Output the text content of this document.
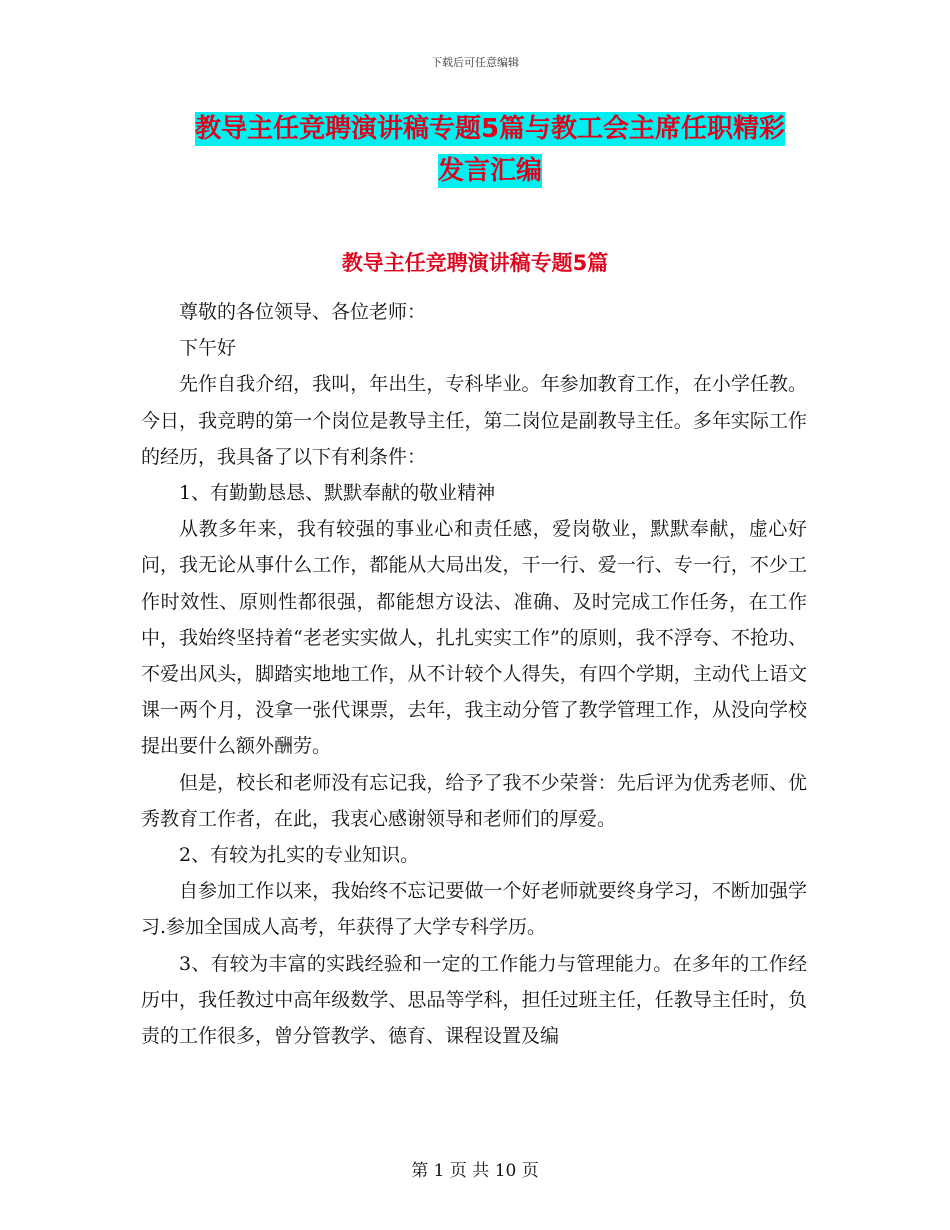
下载后可任意编辑
教导主任竞聘演讲稿专题5篇与教工会主席任职精彩
发言汇编
教导主任竞聘演讲稿专题5篇

尊敬的各位领导、各位老师：

下午好

先作自我介绍，我叫，年出生，专科毕业。年参加教育工作，在小学任教。今日，我竞聘的第一个岗位是教导主任，第二岗位是副教导主任。多年实际工作的经历，我具备了以下有利条件：

1、有勤勤恳恳、默默奉献的敬业精神

从教多年来，我有较强的事业心和责任感，爱岗敬业，默默奉献，虚心好问，我无论从事什么工作，都能从大局出发，干一行、爱一行、专一行，不少工作时效性、原则性都很强，都能想方设法、准确、及时完成工作任务，在工作中，我始终坚持着“老老实实做人，扎扎实实工作”的原则，我不浮夸、不抢功、不爱出风头，脚踏实地地工作，从不计较个人得失，有四个学期，主动代上语文课一两个月，没拿一张代课票，去年，我主动分管了教学管理工作，从没向学校提出要什么额外酬劳。

但是，校长和老师没有忘记我，给予了我不少荣誉：先后评为优秀老师、优秀教育工作者，在此，我衷心感谢领导和老师们的厚爱。

2、有较为扎实的专业知识。

自参加工作以来，我始终不忘记要做一个好老师就要终身学习，不断加强学习.参加全国成人高考，年获得了大学专科学历。

3、有较为丰富的实践经验和一定的工作能力与管理能力。在多年的工作经历中，我任教过中高年级数学、思品等学科，担任过班主任，任教导主任时，负责的工作很多，曾分管教学、德育、课程设置及编

第 1 页 共 10 页
